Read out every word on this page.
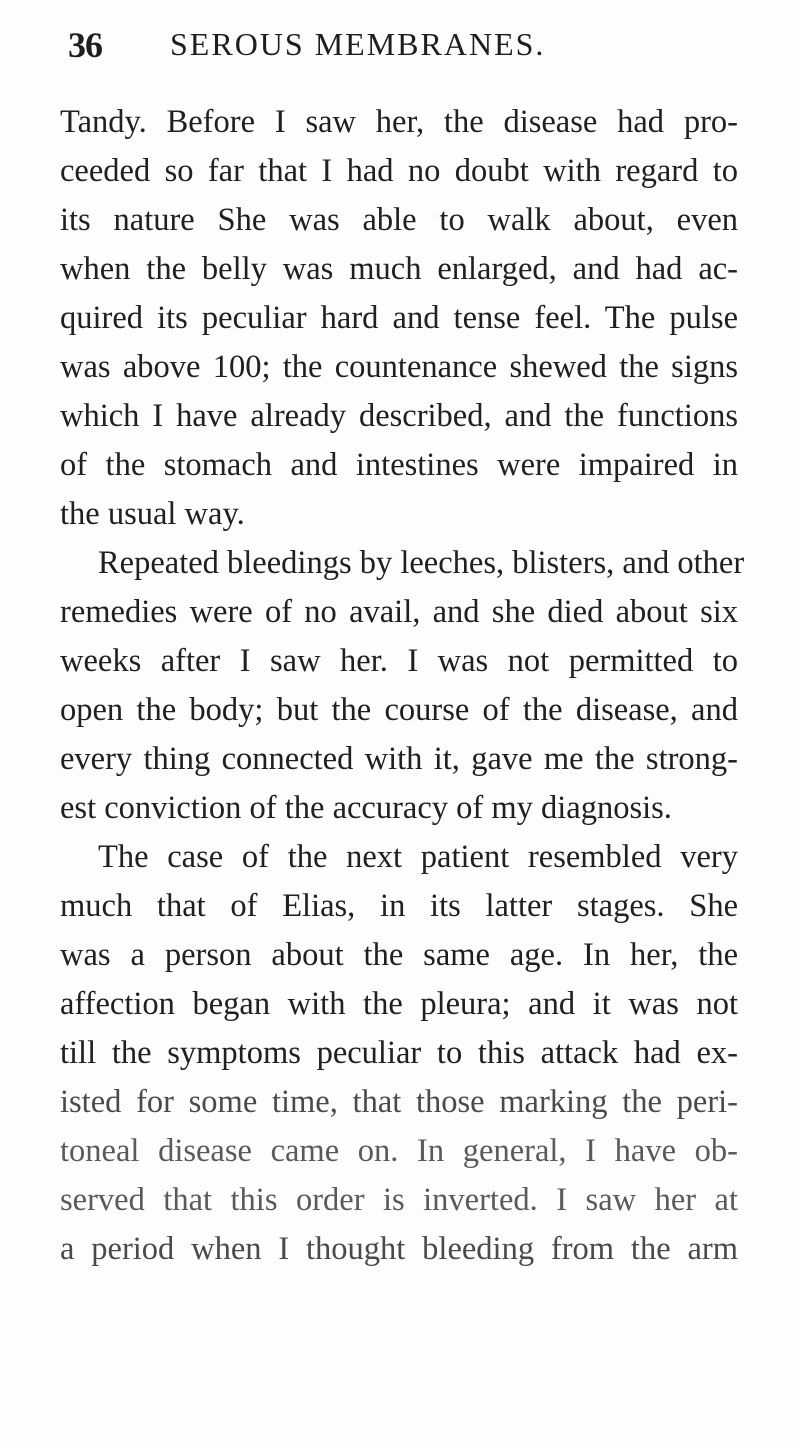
36 SEROUS MEMBRANES.
Tandy. Before I saw her, the disease had pro-
ceeded so far that I had no doubt with regard to
its nature She was able to walk about, even
when the belly was much enlarged, and had ac-
quired its peculiar hard and tense feel. The pulse
was above 100; the countenance shewed the signs
which I have already described, and the functions
of the stomach and intestines were impaired in
the usual way.
Repeated bleedings by leeches, blisters, and other
remedies were of no avail, and she died about six
weeks after I saw her. I was not permitted to
open the body; but the course of the disease, and
every thing connected with it, gave me the strong-
est conviction of the accuracy of my diagnosis.
The case of the next patient resembled very
much that of Elias, in its latter stages. She
was a person about the same age. In her, the
affection began with the pleura; and it was not
till the symptoms peculiar to this attack had ex-
isted for some time, that those marking the peri-
toneal disease came on. In general, I have ob-
served that this order is inverted. I saw her at
a period when I thought bleeding from the arm
